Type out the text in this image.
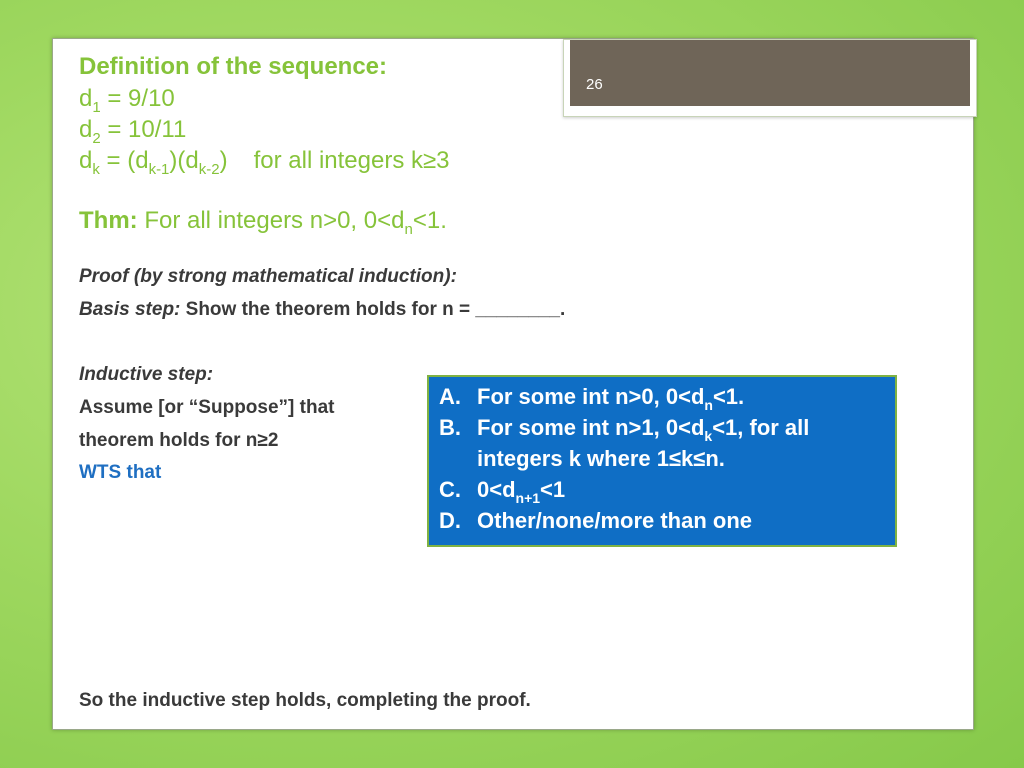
26
Definition of the sequence:
$d_1 = 9/10$
$d_2 = 10/11$
$d_k = (d_{k-1})(d_{k-2})$ for all integers k≥3
Thm: For all integers n>0, $0<d_n<1$.
Proof (by strong mathematical induction):
Basis step: Show the theorem holds for n = ________.
Inductive step:
Assume [or “Suppose”] that
theorem holds for n≥2
WTS that
So the inductive step holds, completing the proof.
A. For some int n>0, $0<d_n<1$.
B. For some int n>1, $0<d_k<1$, for all
integers k where 1≤k≤n.
C. $0<d_{n+1}<1$
D. Other/none/more than one
